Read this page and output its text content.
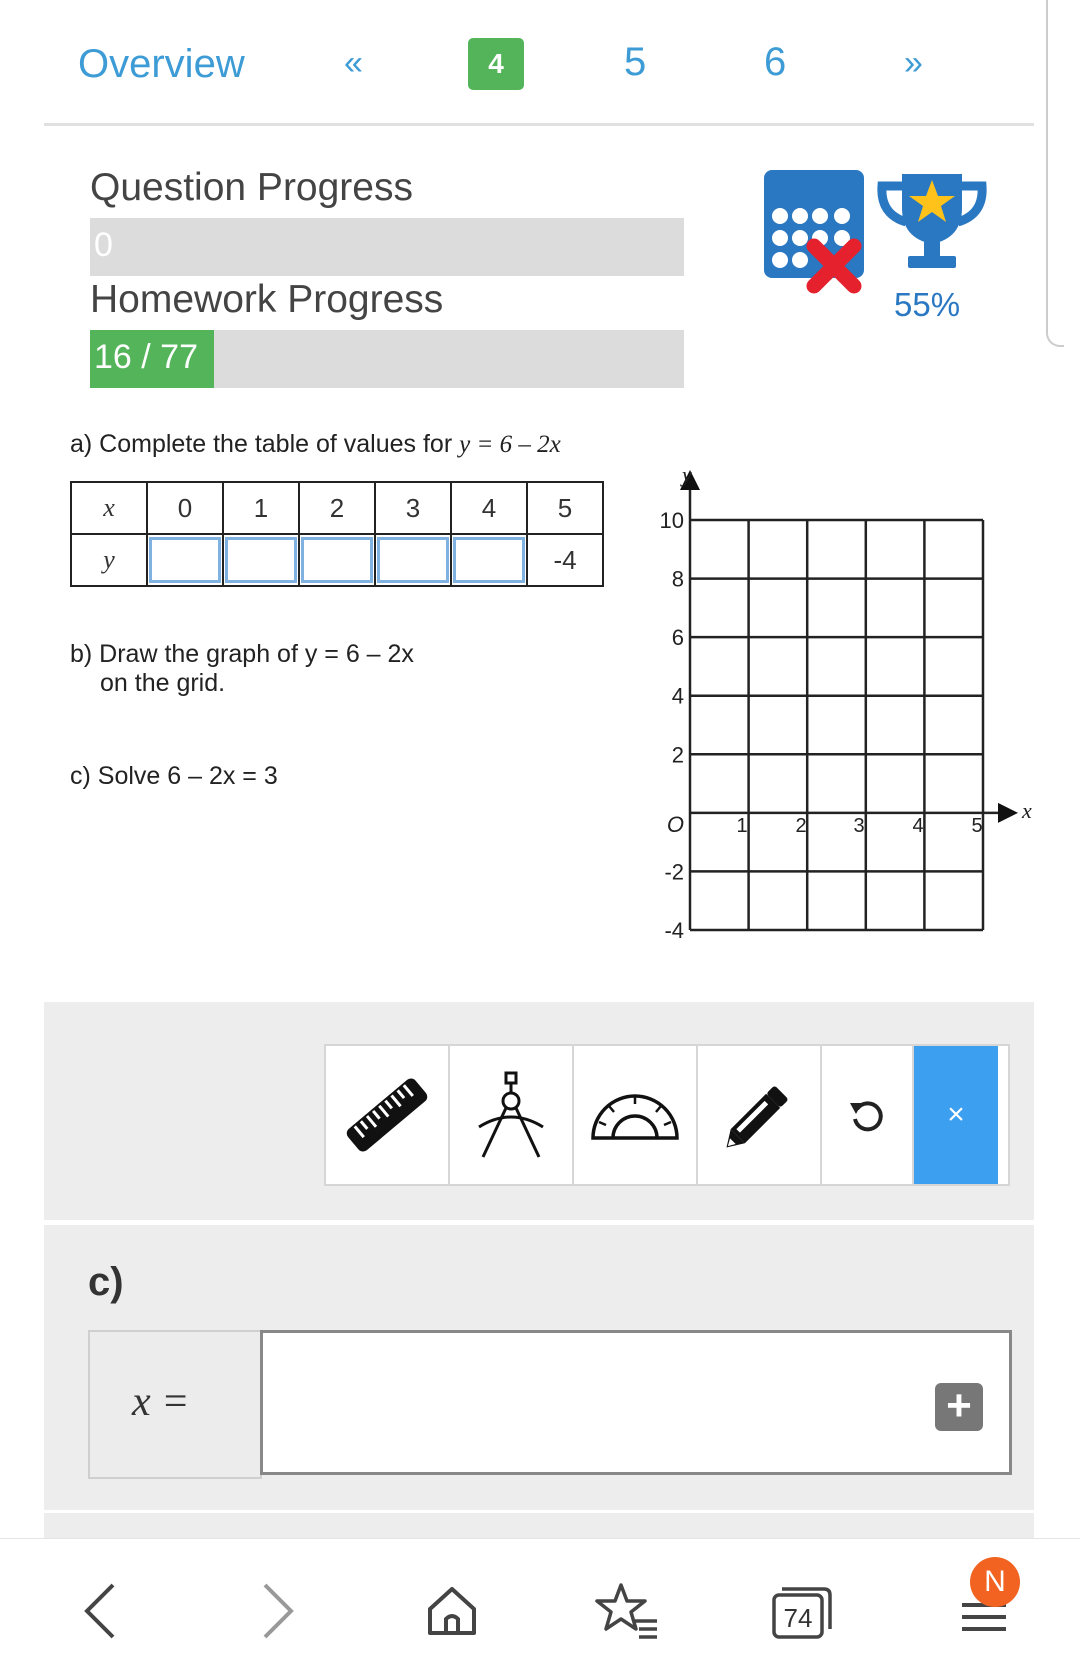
Overview	«	4	5	6	»
Question Progress
0
Homework Progress
16 / 77
55%
a) Complete the table of values for y = 6 – 2x
x	0	1	2	3	4	5
y						-4
b) Draw the graph of y = 6 – 2x
on the grid.
c) Solve 6 – 2x = 3
y
x
10
8
6
4
2
O
-2
-4
1 2 3 4 5
×
c)
x =	+
74
N
